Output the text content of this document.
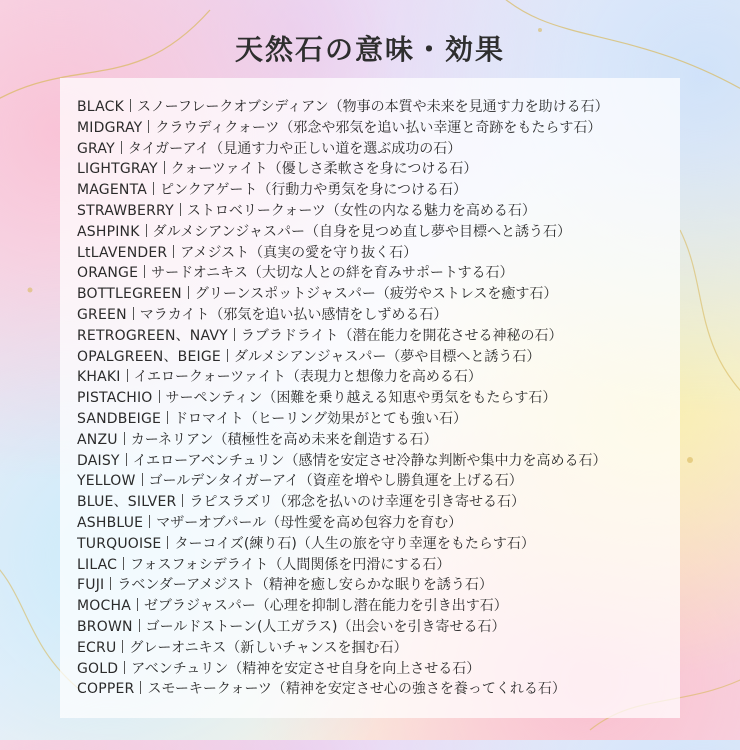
天然石の意味・効果
BLACK スノーフレークオブシディアン（物事の本質や未来を見通す力を助ける石）
MIDGRAY クラウディクォーツ（邪念や邪気を追い払い幸運と奇跡をもたらす石）
GRAY タイガーアイ（見通す力や正しい道を選ぶ成功の石）
LIGHTGRAY クォーツァイト（優しさ柔軟さを身につける石）
MAGENTA ピンクアゲート（行動力や勇気を身につける石）
STRAWBERRY ストロベリークォーツ（女性の内なる魅力を高める石）
ASHPINK ダルメシアンジャスパー（自身を見つめ直し夢や目標へと誘う石）
LtLAVENDER アメジスト（真実の愛を守り抜く石）
ORANGE サードオニキス（大切な人との絆を育みサポートする石）
BOTTLEGREEN グリーンスポットジャスパー（疲労やストレスを癒す石）
GREEN マラカイト（邪気を追い払い感情をしずめる石）
RETROGREEN、NAVY ラブラドライト（潜在能力を開花させる神秘の石）
OPALGREEN、BEIGE ダルメシアンジャスパー（夢や目標へと誘う石）
KHAKI イエロークォーツァイト（表現力と想像力を高める石）
PISTACHIO サーペンティン（困難を乗り越える知恵や勇気をもたらす石）
SANDBEIGE ドロマイト（ヒーリング効果がとても強い石）
ANZU カーネリアン（積極性を高め未来を創造する石）
DAISY イエローアベンチュリン（感情を安定させ冷静な判断や集中力を高める石）
YELLOW ゴールデンタイガーアイ（資産を増やし勝負運を上げる石）
BLUE、SILVER ラピスラズリ（邪念を払いのけ幸運を引き寄せる石）
ASHBLUE マザーオブパール（母性愛を高め包容力を育む）
TURQUOISE ターコイズ(練り石)（人生の旅を守り幸運をもたらす石）
LILAC フォスフォシデライト（人間関係を円滑にする石）
FUJI ラベンダーアメジスト（精神を癒し安らかな眠りを誘う石）
MOCHA ゼブラジャスパー（心理を抑制し潜在能力を引き出す石）
BROWN ゴールドストーン(人工ガラス)（出会いを引き寄せる石）
ECRU グレーオニキス（新しいチャンスを掴む石）
GOLD アベンチュリン（精神を安定させ自身を向上させる石）
COPPER スモーキークォーツ（精神を安定させ心の強さを養ってくれる石）
